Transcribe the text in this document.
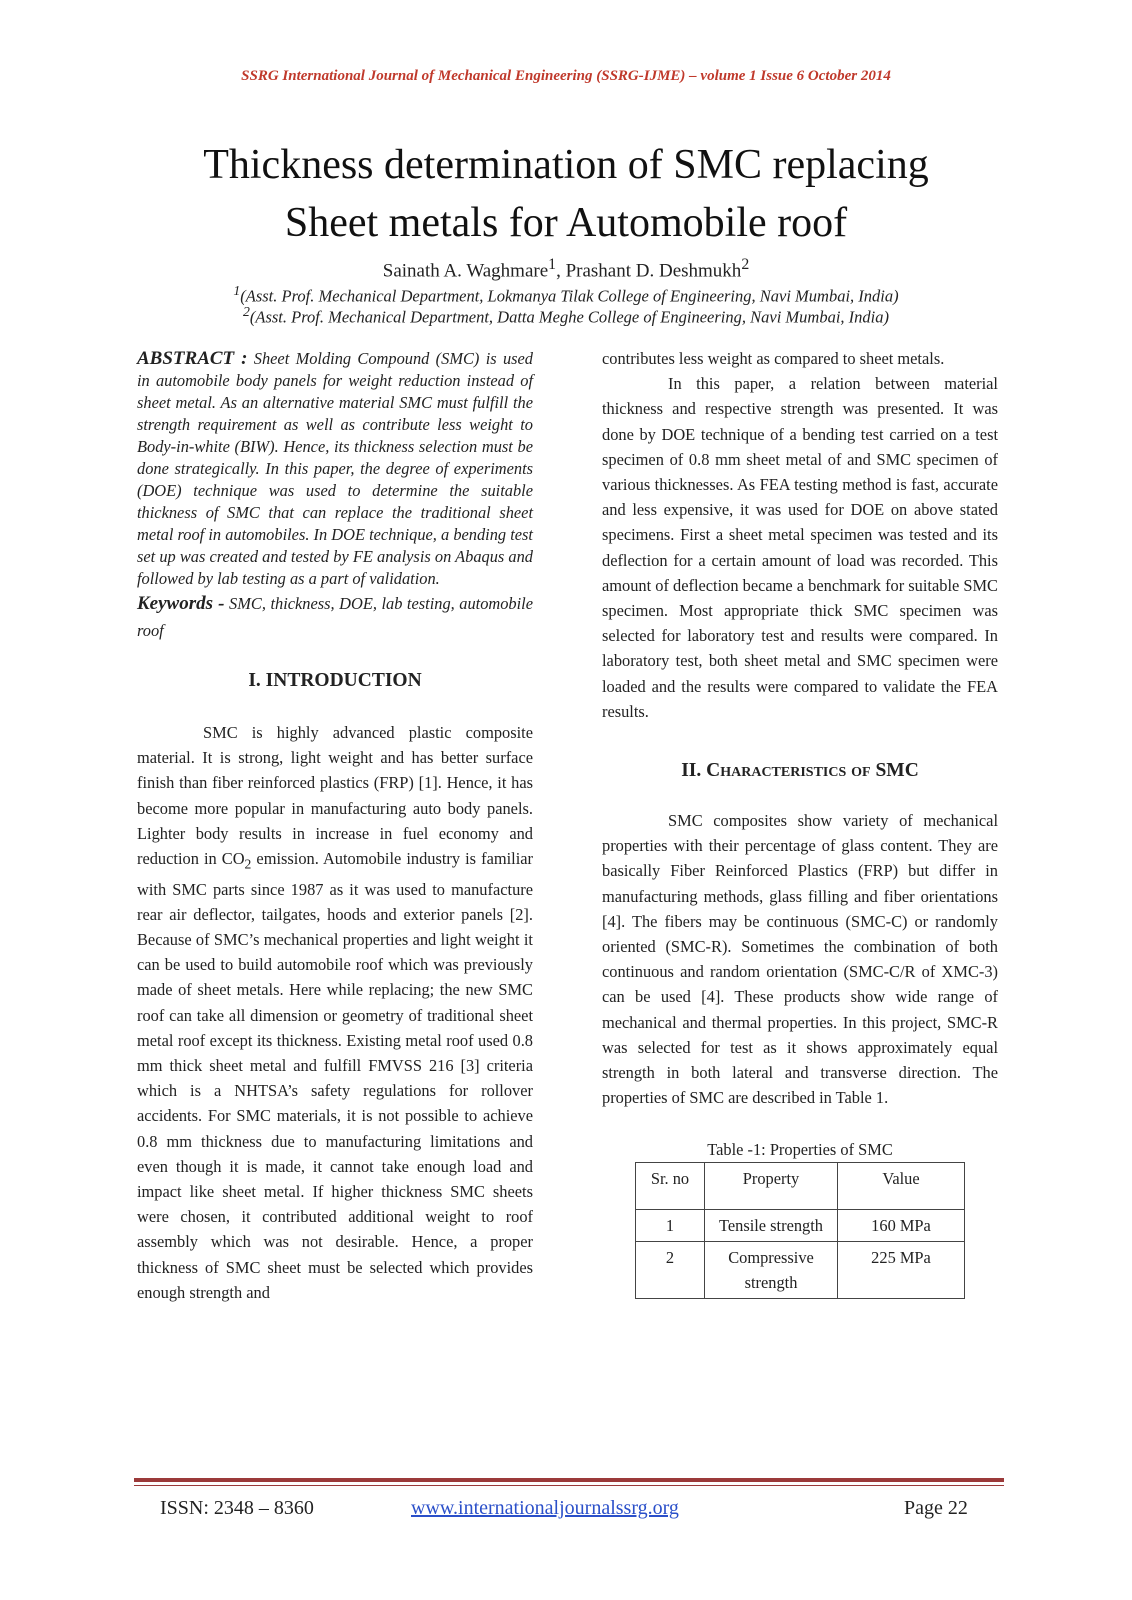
SSRG International Journal of Mechanical Engineering (SSRG-IJME) – volume 1 Issue 6 October 2014
Thickness determination of SMC replacing
Sheet metals for Automobile roof
Sainath A. Waghmare$^1$, Prashant D. Deshmukh$^2$
$^1$(Asst. Prof. Mechanical Department, Lokmanya Tilak College of Engineering, Navi Mumbai, India)
$^2$(Asst. Prof. Mechanical Department, Datta Meghe College of Engineering, Navi Mumbai, India)

ABSTRACT : Sheet Molding Compound (SMC) is used in automobile body panels for weight reduction instead of sheet metal. As an alternative material SMC must fulfill the strength requirement as well as contribute less weight to Body-in-white (BIW). Hence, its thickness selection must be done strategically. In this paper, the degree of experiments (DOE) technique was used to determine the suitable thickness of SMC that can replace the traditional sheet metal roof in automobiles. In DOE technique, a bending test set up was created and tested by FE analysis on Abaqus and followed by lab testing as a part of validation.

Keywords - SMC, thickness, DOE, lab testing, automobile roof

I. INTRODUCTION

SMC is highly advanced plastic composite material. It is strong, light weight and has better surface finish than fiber reinforced plastics (FRP) [1]. Hence, it has become more popular in manufacturing auto body panels. Lighter body results in increase in fuel economy and reduction in $CO_2$ emission. Automobile industry is familiar with SMC parts since 1987 as it was used to manufacture rear air deflector, tailgates, hoods and exterior panels [2]. Because of SMC’s mechanical properties and light weight it can be used to build automobile roof which was previously made of sheet metals. Here while replacing; the new SMC roof can take all dimension or geometry of traditional sheet metal roof except its thickness. Existing metal roof used 0.8 mm thick sheet metal and fulfill FMVSS 216 [3] criteria which is a NHTSA’s safety regulations for rollover accidents. For SMC materials, it is not possible to achieve 0.8 mm thickness due to manufacturing limitations and even though it is made, it cannot take enough load and impact like sheet metal. If higher thickness SMC sheets were chosen, it contributed additional weight to roof assembly which was not desirable. Hence, a proper thickness of SMC sheet must be selected which provides enough strength and

contributes less weight as compared to sheet metals.

In this paper, a relation between material thickness and respective strength was presented. It was done by DOE technique of a bending test carried on a test specimen of 0.8 mm sheet metal of and SMC specimen of various thicknesses. As FEA testing method is fast, accurate and less expensive, it was used for DOE on above stated specimens. First a sheet metal specimen was tested and its deflection for a certain amount of load was recorded. This amount of deflection became a benchmark for suitable SMC specimen. Most appropriate thick SMC specimen was selected for laboratory test and results were compared. In laboratory test, both sheet metal and SMC specimen were loaded and the results were compared to validate the FEA results.

II. Characteristics of SMC

SMC composites show variety of mechanical properties with their percentage of glass content. They are basically Fiber Reinforced Plastics (FRP) but differ in manufacturing methods, glass filling and fiber orientations [4]. The fibers may be continuous (SMC-C) or randomly oriented (SMC-R). Sometimes the combination of both continuous and random orientation (SMC-C/R of XMC-3) can be used [4]. These products show wide range of mechanical and thermal properties. In this project, SMC-R was selected for test as it shows approximately equal strength in both lateral and transverse direction. The properties of SMC are described in Table 1.

Table -1: Properties of SMC
Sr. no	Property	Value
1	Tensile strength	160 MPa
2	Compressive strength	225 MPa
ISSN: 2348 – 8360	www.internationaljournalssrg.org	Page 22
